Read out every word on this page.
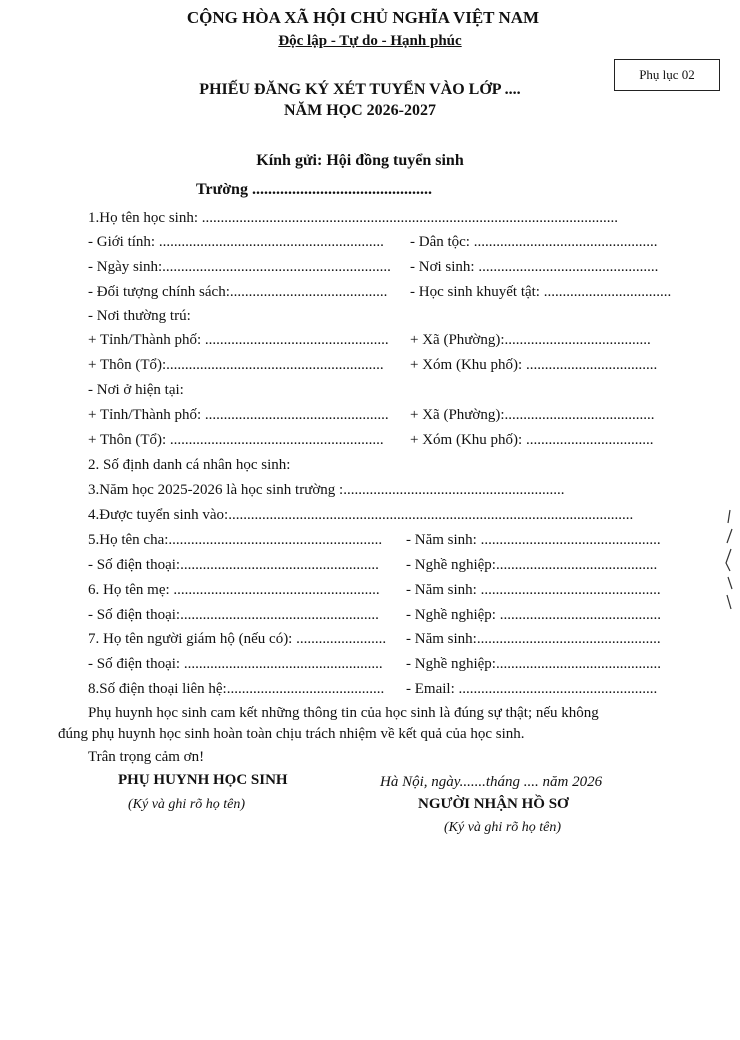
CỘNG HÒA XÃ HỘI CHỦ NGHĨA VIỆT NAM
Độc lập - Tự do - Hạnh phúc
Phụ lục 02
PHIẾU ĐĂNG KÝ XÉT TUYỂN VÀO LỚP ....
NĂM HỌC 2026-2027
Kính gửi: Hội đồng tuyển sinh
Trường .............................................
1.Họ tên học sinh: ...............................................................................................................
- Giới tính: ............................................................	- Dân tộc: .................................................
- Ngày sinh:.............................................................	- Nơi sinh: ................................................
- Đối tượng chính sách:..........................................	- Học sinh khuyết tật: ..................................
- Nơi thường trú:
+ Tỉnh/Thành phố: .................................................	+ Xã (Phường):.......................................
+ Thôn (Tổ):..........................................................	+ Xóm (Khu phố): ...................................
- Nơi ở hiện tại:
+ Tỉnh/Thành phố: .................................................	+ Xã (Phường):........................................
+ Thôn (Tổ): .........................................................	+ Xóm (Khu phố): ..................................
2. Số định danh cá nhân học sinh:
3.Năm học 2025-2026 là học sinh trường :...........................................................
4.Được tuyển sinh vào:............................................................................................................
5.Họ tên cha:.........................................................	- Năm sinh: ................................................
- Số điện thoại:.....................................................	- Nghề nghiệp:...........................................
6. Họ tên mẹ: .......................................................	- Năm sinh: ................................................
- Số điện thoại:.....................................................	- Nghề nghiệp: ...........................................
7. Họ tên người giám hộ (nếu có): ........................	- Năm sinh:.................................................
- Số điện thoại: .....................................................	- Nghề nghiệp:............................................
8.Số điện thoại liên hệ:..........................................	- Email: .....................................................
Phụ huynh học sinh cam kết những thông tin của học sinh là đúng sự thật; nếu không
đúng phụ huynh học sinh hoàn toàn chịu trách nhiệm về kết quả của học sinh.
Trân trọng cảm ơn!
PHỤ HUYNH HỌC SINH
(Ký và ghi rõ họ tên)
Hà Nội, ngày.......tháng .... năm 2026
NGƯỜI NHẬN HỒ SƠ
(Ký và ghi rõ họ tên)
